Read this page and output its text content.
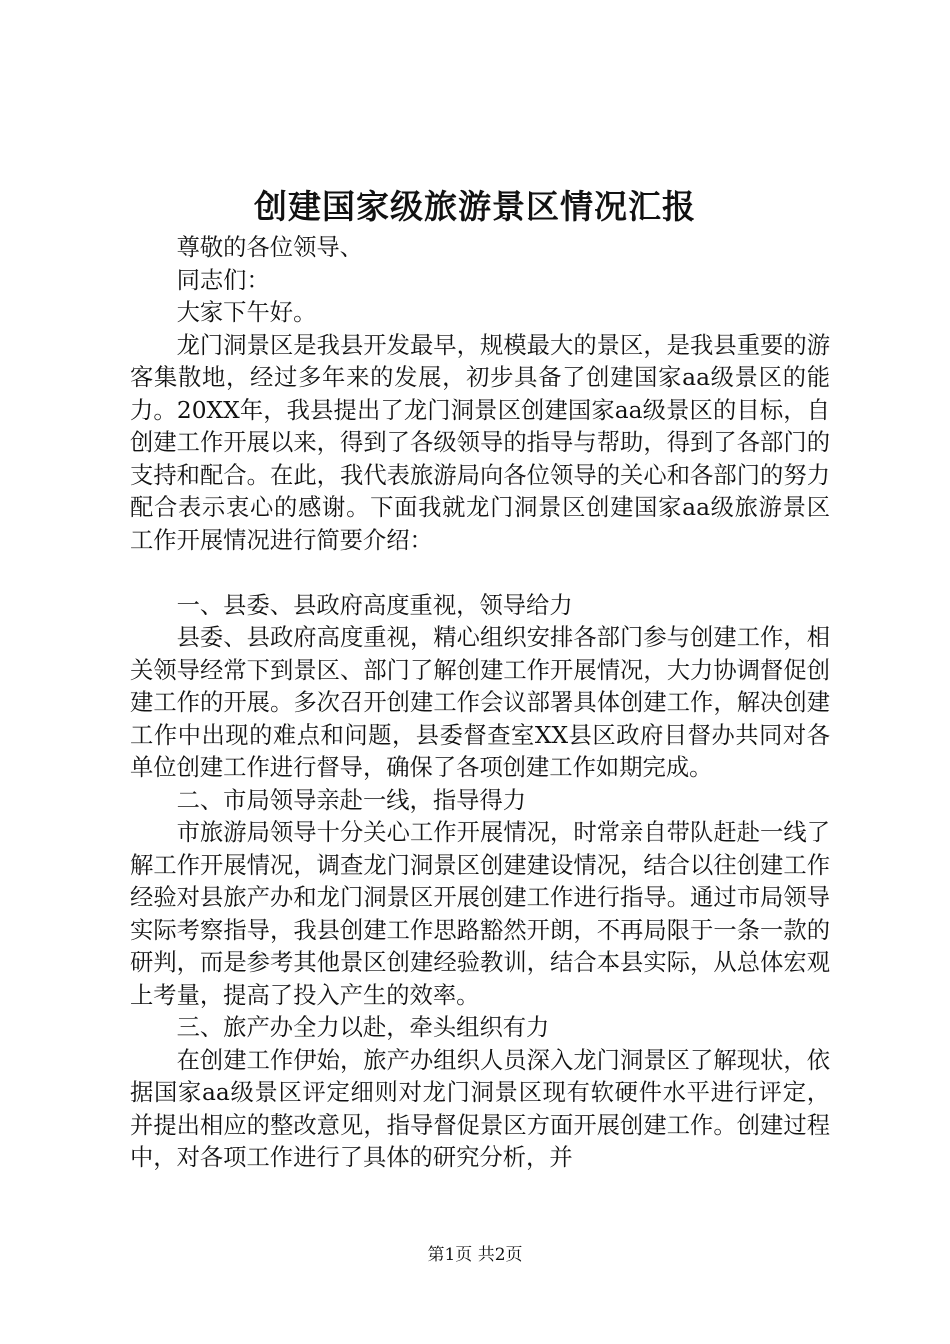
创建国家级旅游景区情况汇报

尊敬的各位领导、

同志们：

大家下午好。

龙门洞景区是我县开发最早，规模最大的景区，是我县重要的游客集散地，经过多年来的发展，初步具备了创建国家aa级景区的能力。20XX年，我县提出了龙门洞景区创建国家aa级景区的目标，自创建工作开展以来，得到了各级领导的指导与帮助，得到了各部门的支持和配合。在此，我代表旅游局向各位领导的关心和各部门的努力配合表示衷心的感谢。下面我就龙门洞景区创建国家aa级旅游景区工作开展情况进行简要介绍：

一、县委、县政府高度重视，领导给力

县委、县政府高度重视，精心组织安排各部门参与创建工作，相关领导经常下到景区、部门了解创建工作开展情况，大力协调督促创建工作的开展。多次召开创建工作会议部署具体创建工作，解决创建工作中出现的难点和问题，县委督查室XX县区政府目督办共同对各单位创建工作进行督导，确保了各项创建工作如期完成。

二、市局领导亲赴一线，指导得力

市旅游局领导十分关心工作开展情况，时常亲自带队赶赴一线了解工作开展情况，调查龙门洞景区创建建设情况，结合以往创建工作经验对县旅产办和龙门洞景区开展创建工作进行指导。通过市局领导实际考察指导，我县创建工作思路豁然开朗，不再局限于一条一款的研判，而是参考其他景区创建经验教训，结合本县实际，从总体宏观上考量，提高了投入产生的效率。

三、旅产办全力以赴，牵头组织有力

在创建工作伊始，旅产办组织人员深入龙门洞景区了解现状，依据国家aa级景区评定细则对龙门洞景区现有软硬件水平进行评定，并提出相应的整改意见，指导督促景区方面开展创建工作。创建过程中，对各项工作进行了具体的研究分析，并

第1页 共2页
